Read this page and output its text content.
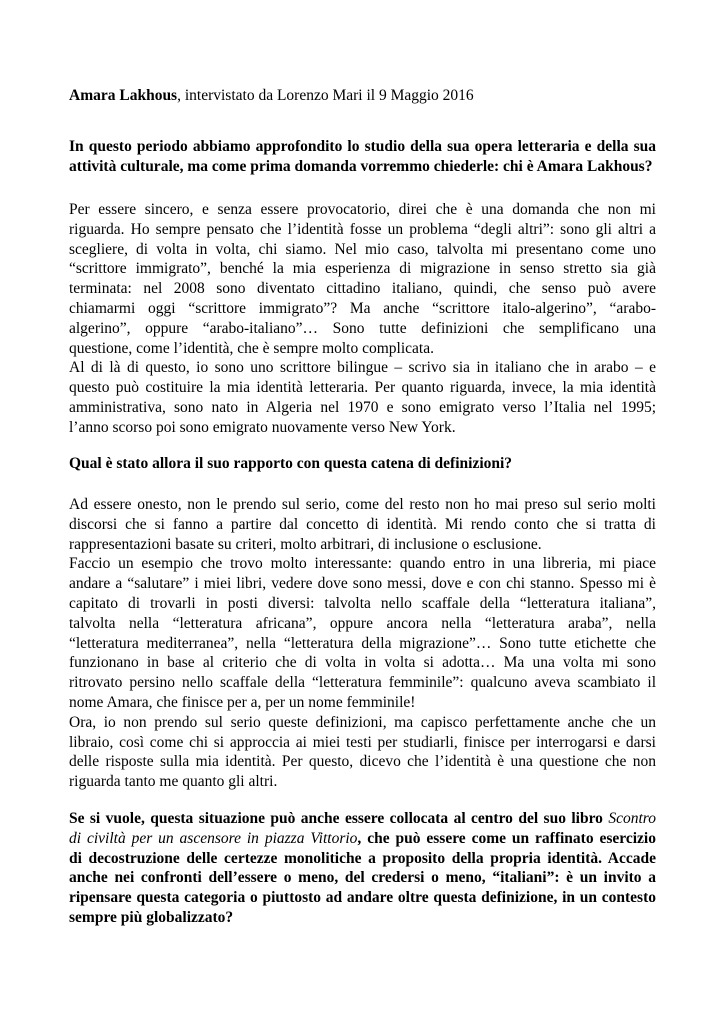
Amara Lakhous, intervistato da Lorenzo Mari il 9 Maggio 2016

In questo periodo abbiamo approfondito lo studio della sua opera letteraria e della sua
attività culturale, ma come prima domanda vorremmo chiederle: chi è Amara Lakhous?
Per essere sincero, e senza essere provocatorio, direi che è una domanda che non mi
riguarda. Ho sempre pensato che l’identità fosse un problema “degli altri”: sono gli altri a
scegliere, di volta in volta, chi siamo. Nel mio caso, talvolta mi presentano come uno
“scrittore immigrato”, benché la mia esperienza di migrazione in senso stretto sia già
terminata: nel 2008 sono diventato cittadino italiano, quindi, che senso può avere
chiamarmi oggi “scrittore immigrato”? Ma anche “scrittore italo-algerino”, “arabo-
algerino”, oppure “arabo-italiano”… Sono tutte definizioni che semplificano una
questione, come l’identità, che è sempre molto complicata.
Al di là di questo, io sono uno scrittore bilingue – scrivo sia in italiano che in arabo – e
questo può costituire la mia identità letteraria. Per quanto riguarda, invece, la mia identità
amministrativa, sono nato in Algeria nel 1970 e sono emigrato verso l’Italia nel 1995;
l’anno scorso poi sono emigrato nuovamente verso New York.
Qual è stato allora il suo rapporto con questa catena di definizioni?
Ad essere onesto, non le prendo sul serio, come del resto non ho mai preso sul serio molti
discorsi che si fanno a partire dal concetto di identità. Mi rendo conto che si tratta di
rappresentazioni basate su criteri, molto arbitrari, di inclusione o esclusione.
Faccio un esempio che trovo molto interessante: quando entro in una libreria, mi piace
andare a “salutare” i miei libri, vedere dove sono messi, dove e con chi stanno. Spesso mi è
capitato di trovarli in posti diversi: talvolta nello scaffale della “letteratura italiana”,
talvolta nella “letteratura africana”, oppure ancora nella “letteratura araba”, nella
“letteratura mediterranea”, nella “letteratura della migrazione”… Sono tutte etichette che
funzionano in base al criterio che di volta in volta si adotta… Ma una volta mi sono
ritrovato persino nello scaffale della “letteratura femminile”: qualcuno aveva scambiato il
nome Amara, che finisce per a, per un nome femminile!
Ora, io non prendo sul serio queste definizioni, ma capisco perfettamente anche che un
libraio, così come chi si approccia ai miei testi per studiarli, finisce per interrogarsi e darsi
delle risposte sulla mia identità. Per questo, dicevo che l’identità è una questione che non
riguarda tanto me quanto gli altri.
Se si vuole, questa situazione può anche essere collocata al centro del suo libro Scontro
di civiltà per un ascensore in piazza Vittorio, che può essere come un raffinato esercizio
di decostruzione delle certezze monolitiche a proposito della propria identità. Accade
anche nei confronti dell’essere o meno, del credersi o meno, “italiani”: è un invito a
ripensare questa categoria o piuttosto ad andare oltre questa definizione, in un contesto
sempre più globalizzato?
